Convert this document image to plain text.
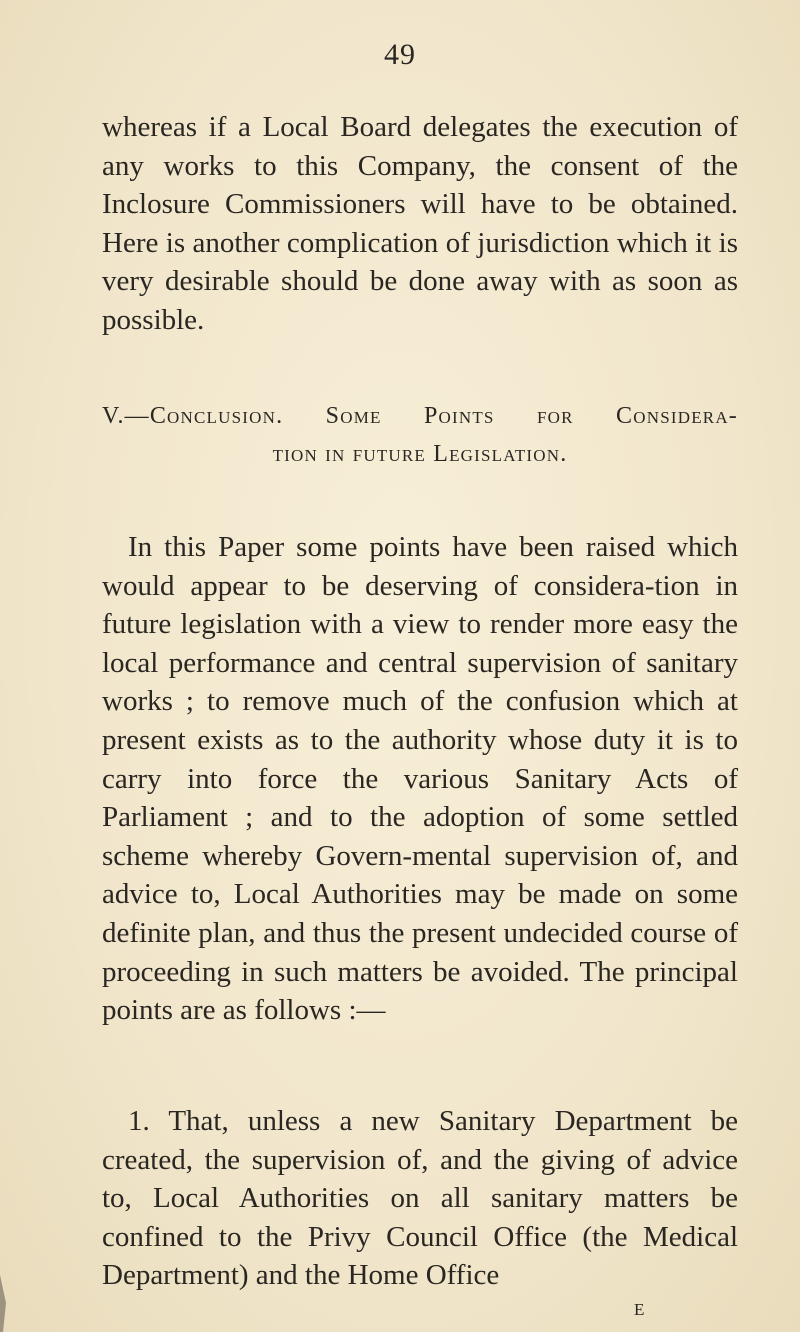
49
whereas if a Local Board delegates the execution of any works to this Company, the consent of the Inclosure Commissioners will have to be obtained. Here is another complication of jurisdiction which it is very desirable should be done away with as soon as possible.
V.—Conclusion. Some Points for Considera-
tion in future Legislation.
In this Paper some points have been raised which would appear to be deserving of considera-tion in future legislation with a view to render more easy the local performance and central supervision of sanitary works ; to remove much of the confusion which at present exists as to the authority whose duty it is to carry into force the various Sanitary Acts of Parliament ; and to the adoption of some settled scheme whereby Govern-mental supervision of, and advice to, Local Authorities may be made on some definite plan, and thus the present undecided course of proceeding in such matters be avoided. The principal points are as follows :—
1. That, unless a new Sanitary Department be created, the supervision of, and the giving of advice to, Local Authorities on all sanitary matters be confined to the Privy Council Office (the Medical Department) and the Home Office
E
